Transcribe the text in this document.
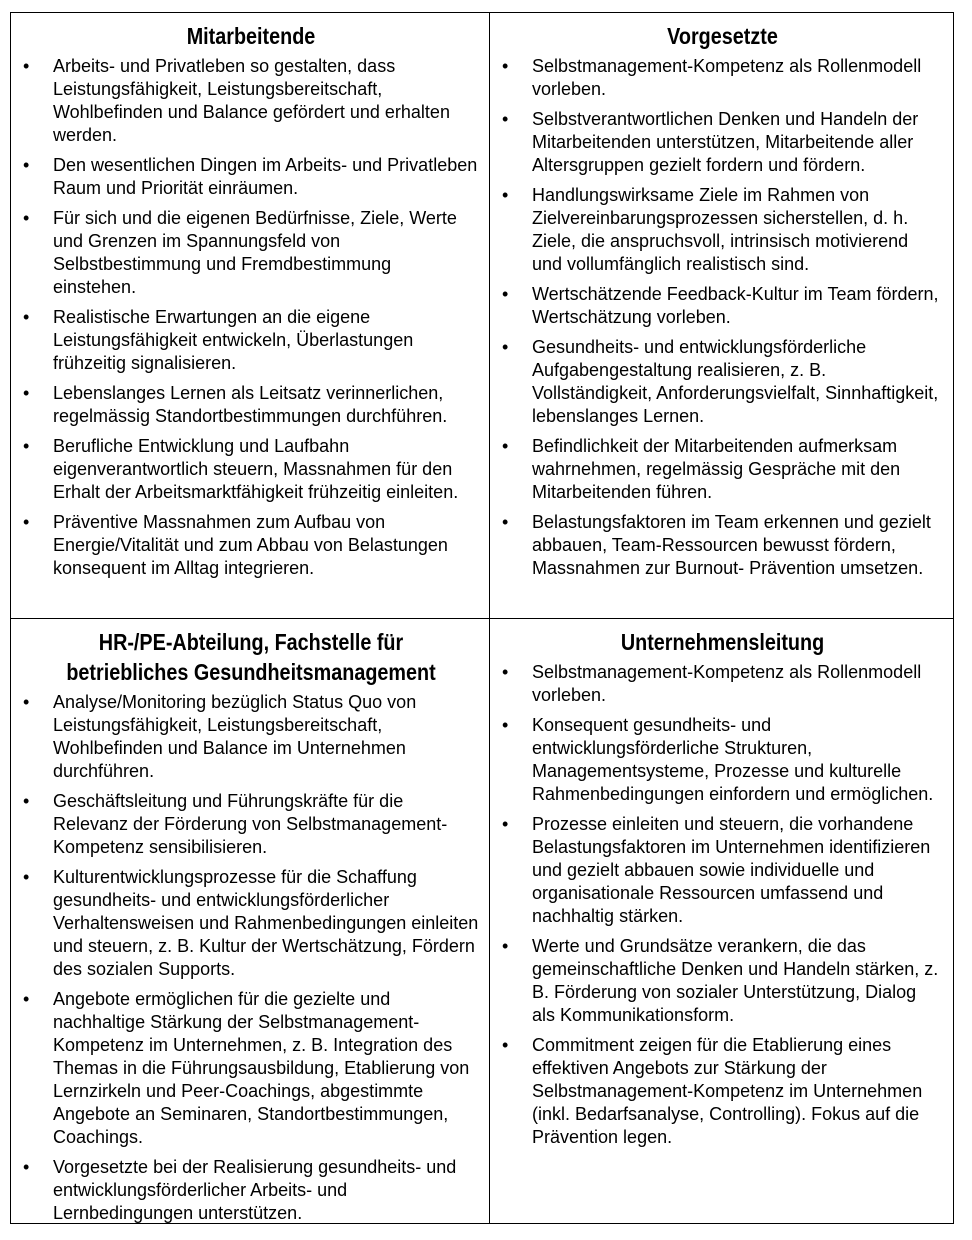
Mitarbeitende
• Arbeits- und Privatleben so gestalten, dass Leistungsfähigkeit, Leistungsbereitschaft, Wohlbefinden und Balance gefördert und erhalten werden.
• Den wesentlichen Dingen im Arbeits- und Privatleben Raum und Priorität einräumen.
• Für sich und die eigenen Bedürfnisse, Ziele, Werte und Grenzen im Spannungsfeld von Selbstbestimmung und Fremdbestimmung einstehen.
• Realistische Erwartungen an die eigene Leistungsfähigkeit entwickeln, Überlastungen frühzeitig signalisieren.
• Lebenslanges Lernen als Leitsatz verinnerlichen, regelmässig Standortbestimmungen durchführen.
• Berufliche Entwicklung und Laufbahn eigenverantwortlich steuern, Massnahmen für den Erhalt der Arbeitsmarktfähigkeit frühzeitig einleiten.
• Präventive Massnahmen zum Aufbau von Energie/Vitalität und zum Abbau von Belastungen konsequent im Alltag integrieren.
Vorgesetzte
• Selbstmanagement-Kompetenz als Rollenmodell vorleben.
• Selbstverantwortlichen Denken und Handeln der Mitarbeitenden unterstützen, Mitarbeitende aller Altersgruppen gezielt fordern und fördern.
• Handlungswirksame Ziele im Rahmen von Zielvereinbarungsprozessen sicherstellen, d. h. Ziele, die anspruchsvoll, intrinsisch motivierend und vollumfänglich realistisch sind.
• Wertschätzende Feedback-Kultur im Team fördern, Wertschätzung vorleben.
• Gesundheits- und entwicklungsförderliche Aufgabengestaltung realisieren, z. B. Vollständigkeit, Anforderungsvielfalt, Sinnhaftigkeit, lebenslanges Lernen.
• Befindlichkeit der Mitarbeitenden aufmerksam wahrnehmen, regelmässig Gespräche mit den Mitarbeitenden führen.
• Belastungsfaktoren im Team erkennen und gezielt abbauen, Team-Ressourcen bewusst fördern, Massnahmen zur Burnout- Prävention umsetzen.
HR-/PE-Abteilung, Fachstelle für
betriebliches Gesundheitsmanagement
• Analyse/Monitoring bezüglich Status Quo von Leistungsfähigkeit, Leistungsbereitschaft, Wohlbefinden und Balance im Unternehmen durchführen.
• Geschäftsleitung und Führungskräfte für die Relevanz der Förderung von Selbstmanagement-Kompetenz sensibilisieren.
• Kulturentwicklungsprozesse für die Schaffung gesundheits- und entwicklungsförderlicher Verhaltensweisen und Rahmenbedingungen einleiten und steuern, z. B. Kultur der Wertschätzung, Fördern des sozialen Supports.
• Angebote ermöglichen für die gezielte und nachhaltige Stärkung der Selbstmanagement-Kompetenz im Unternehmen, z. B. Integration des Themas in die Führungsausbildung, Etablierung von Lernzirkeln und Peer-Coachings, abgestimmte Angebote an Seminaren, Standortbestimmungen, Coachings.
• Vorgesetzte bei der Realisierung gesundheits- und entwicklungsförderlicher Arbeits- und Lernbedingungen unterstützen.
Unternehmensleitung
• Selbstmanagement-Kompetenz als Rollenmodell vorleben.
• Konsequent gesundheits- und entwicklungsförderliche Strukturen, Managementsysteme, Prozesse und kulturelle Rahmenbedingungen einfordern und ermöglichen.
• Prozesse einleiten und steuern, die vorhandene Belastungsfaktoren im Unternehmen identifizieren und gezielt abbauen sowie individuelle und organisationale Ressourcen umfassend und nachhaltig stärken.
• Werte und Grundsätze verankern, die das gemeinschaftliche Denken und Handeln stärken, z. B. Förderung von sozialer Unterstützung, Dialog als Kommunikationsform.
• Commitment zeigen für die Etablierung eines effektiven Angebots zur Stärkung der Selbstmanagement-Kompetenz im Unternehmen (inkl. Bedarfsanalyse, Controlling). Fokus auf die Prävention legen.
